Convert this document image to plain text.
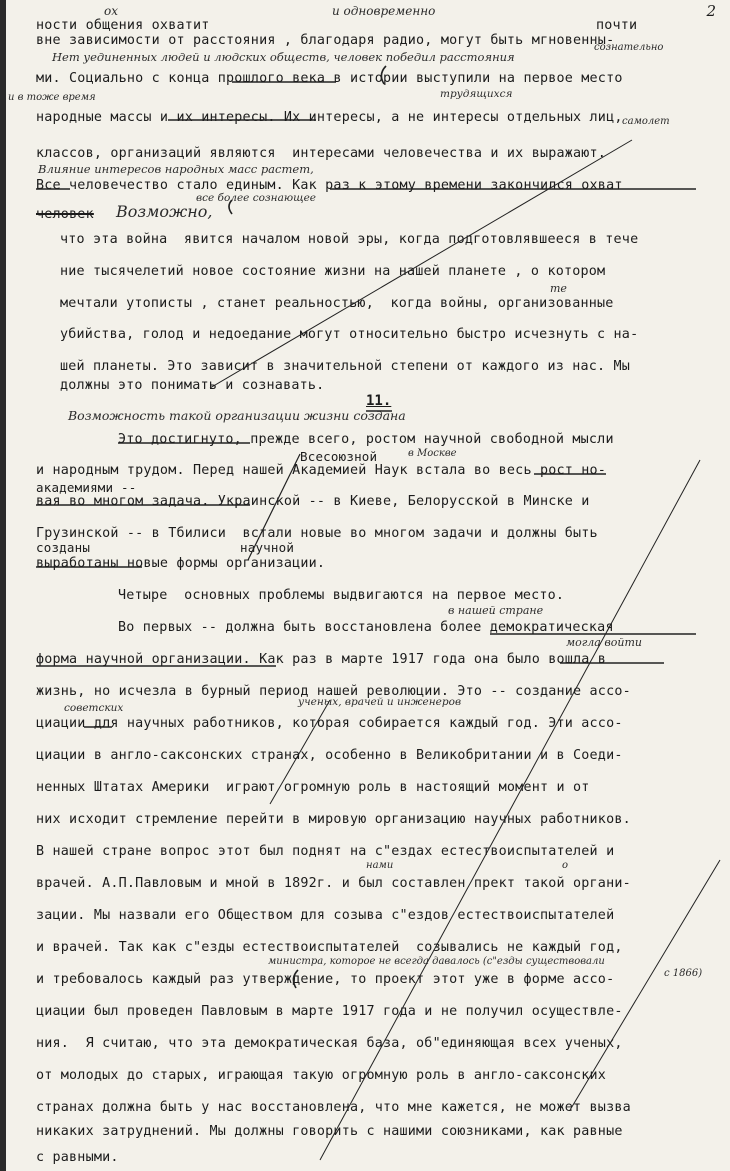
2
ности общения охватит	почти
вне зависимости от расстояния , благодаря радио, могут быть мгновенны-
ми. Социально с конца прошлого века в истории выступили на первое место
народные массы и их интересы. Их интересы, а не интересы отдельных лиц,
классов, организаций являются  интересами человечества и их выражают.
Все человечество стало единым. Как раз к этому времени закончился охват
человек
что эта война  явится началом новой эры, когда подготовлявшееся в тече
ние тысячелетий новое состояние жизни на нашей планете , о котором
мечтали утописты , станет реальностью,  когда войны, организованные
убийства, голод и недоедание могут относительно быстро исчезнуть с на-
шей планеты. Это зависит в значительной степени от каждого из нас. Мы
должны это понимать и сознавать.
11.
Это достигнуто, прежде всего, ростом научной свободной мысли
Всесоюзной
и народным трудом. Перед нашей Академией Наук встала во весь рост но-
академиями --
вая во многом задача. Украинской -- в Киеве, Белорусской в Минске и
Грузинской -- в Тбилиси  встали новые во многом задачи и должны быть
созданы	научной
выработаны новые формы организации.
Четыре  основных проблемы выдвигаются на первое место.
Во первых -- должна быть восстановлена более демократическая
форма научной организации. Как раз в марте 1917 года она было вошла в
жизнь, но исчезла в бурный период нашей революции. Это -- создание ассо-
циации для научных работников, которая собирается каждый год. Эти ассо-
циации в англо-саксонских странах, особенно в Великобритании и в Соеди-
ненных Штатах Америки  играют огромную роль в настоящий момент и от
них исходит стремление перейти в мировую организацию научных работников.
В нашей стране вопрос этот был поднят на с"ездах естествоиспытателей и
врачей. А.П.Павловым и мной в 1892г. и был составлен прект такой органи-
зации. Мы назвали его Обществом для созыва с"ездов естествоиспытателей
и врачей. Так как с"езды естествоиспытателей  созывались не каждый год,
и требовалось каждый раз утверждение, то проект этот уже в форме ассо-
циации был проведен Павловым в марте 1917 года и не получил осуществле-
ния.  Я считаю, что эта демократическая база, об"единяющая всех ученых,
от молодых до старых, играющая такую огромную роль в англо-саксонских
странах должна быть у нас восстановлена, что мне кажется, не может вызва
никаких затруднений. Мы должны говорить с нашими союзниками, как равные
с равными.
ох	и одновременно
Нет уединенных людей и людских обществ, человек победил расстояния
сознательно
и в тоже время	трудящихся
самолет
Влияние интересов народных масс растет,
все более сознающее
Возможно,
те
Возможность такой организации жизни создана
в Москве
в нашей стране
могла войти
советских	ученых, врачей и инженеров
нами	о
министра, которое не всегда давалось (с"езды существовали
с 1866)
